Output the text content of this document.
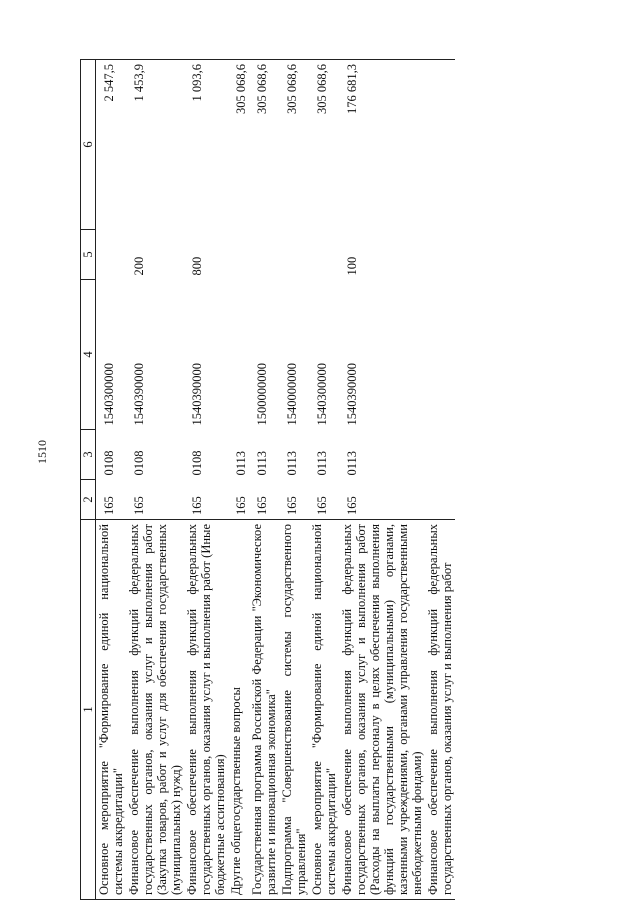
1510
1	2	3	4	5	6
Основное мероприятие "Формирование единой национальной системы аккредитации"	165	0108	1540300000		2 547,5
Финансовое обеспечение выполнения функций федеральных государственных органов, оказания услуг и выполнения работ (Закупка товаров, работ и услуг для обеспечения государственных (муниципальных) нужд)	165	0108	1540390000	200	1 453,9
Финансовое обеспечение выполнения функций федеральных государственных органов, оказания услуг и выполнения работ (Иные бюджетные ассигнования)	165	0108	1540390000	800	1 093,6
Другие общегосударственные вопросы	165	0113			305 068,6
Государственная программа Российской Федерации "Экономическое развитие и инновационная экономика"	165	0113	1500000000		305 068,6
Подпрограмма "Совершенствование системы государственного управления"	165	0113	1540000000		305 068,6
Основное мероприятие "Формирование единой национальной системы аккредитации"	165	0113	1540300000		305 068,6
Финансовое обеспечение выполнения функций федеральных государственных органов, оказания услуг и выполнения работ (Расходы на выплаты персоналу в целях обеспечения выполнения функций государственными (муниципальными) органами, казенными учреждениями, органами управления государственными внебюджетными фондами)	165	0113	1540390000	100	176 681,3
Финансовое обеспечение выполнения функций федеральных государственных органов, оказания услуг и выполнения работ					
